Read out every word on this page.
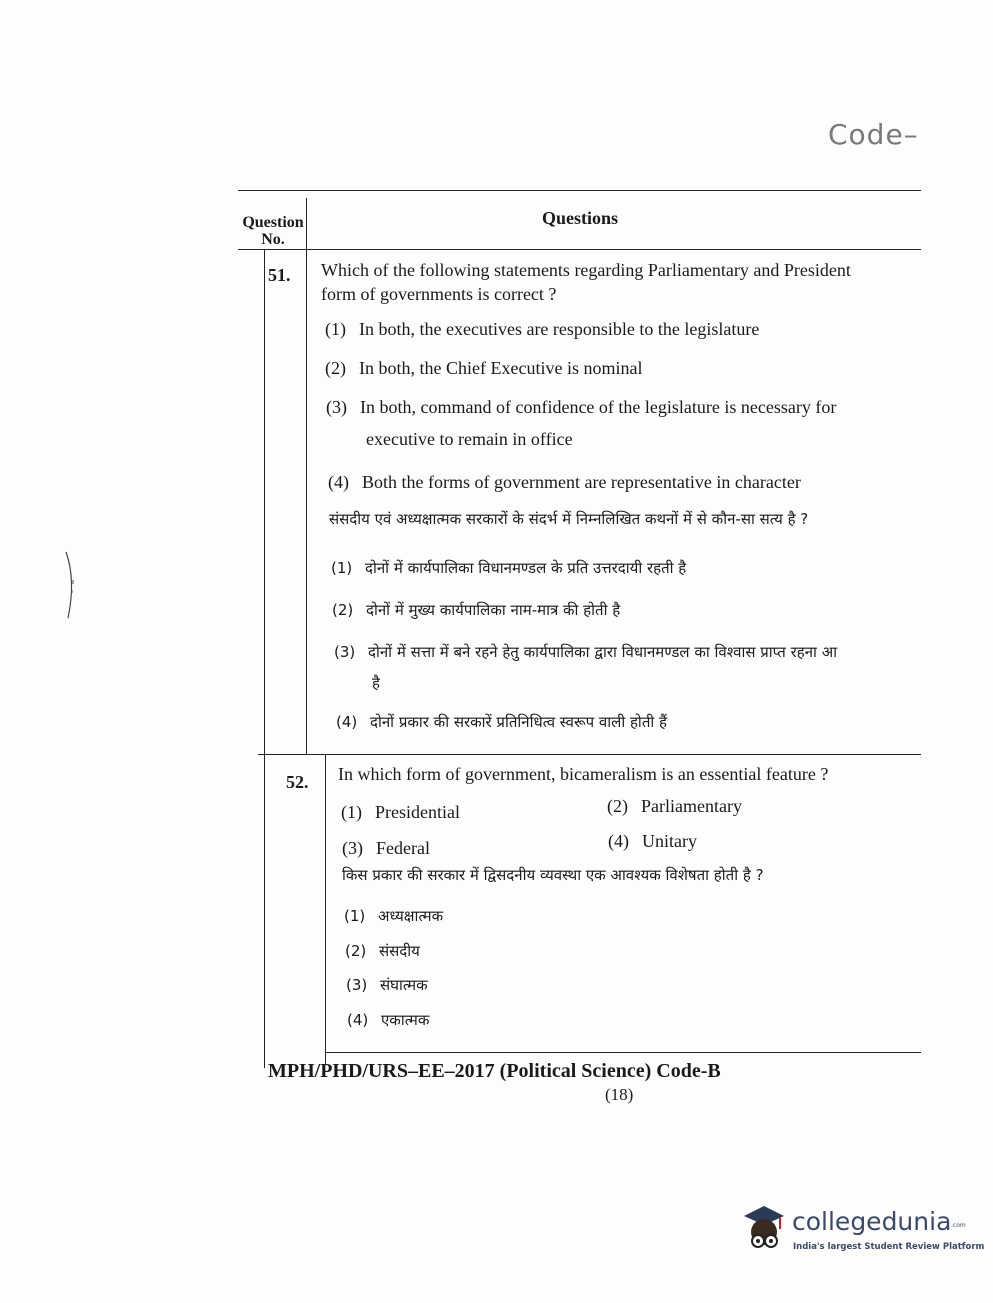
Code–
Question No.
Questions
51. Which of the following statements regarding Parliamentary and President
form of governments is correct ?
(1) In both, the executives are responsible to the legislature
(2) In both, the Chief Executive is nominal
(3) In both, command of confidence of the legislature is necessary for
executive to remain in office
(4) Both the forms of government are representative in character
संसदीय एवं अध्यक्षात्मक सरकारों के संदर्भ में निम्नलिखित कथनों में से कौन-सा सत्य है ?
(1) दोनों में कार्यपालिका विधानमण्डल के प्रति उत्तरदायी रहती है
(2) दोनों में मुख्य कार्यपालिका नाम-मात्र की होती है
(3) दोनों में सत्ता में बने रहने हेतु कार्यपालिका द्वारा विधानमण्डल का विश्वास प्राप्त रहना आ
है
(4) दोनों प्रकार की सरकारें प्रतिनिधित्व स्वरूप वाली होती हैं
52. In which form of government, bicameralism is an essential feature ?
(1) Presidential	(2) Parliamentary
(3) Federal	(4) Unitary
किस प्रकार की सरकार में द्विसदनीय व्यवस्था एक आवश्यक विशेषता होती है ?
(1) अध्यक्षात्मक
(2) संसदीय
(3) संघात्मक
(4) एकात्मक
MPH/PHD/URS–EE–2017 (Political Science) Code-B
(18)
collegedunia .com
India's largest Student Review Platform
